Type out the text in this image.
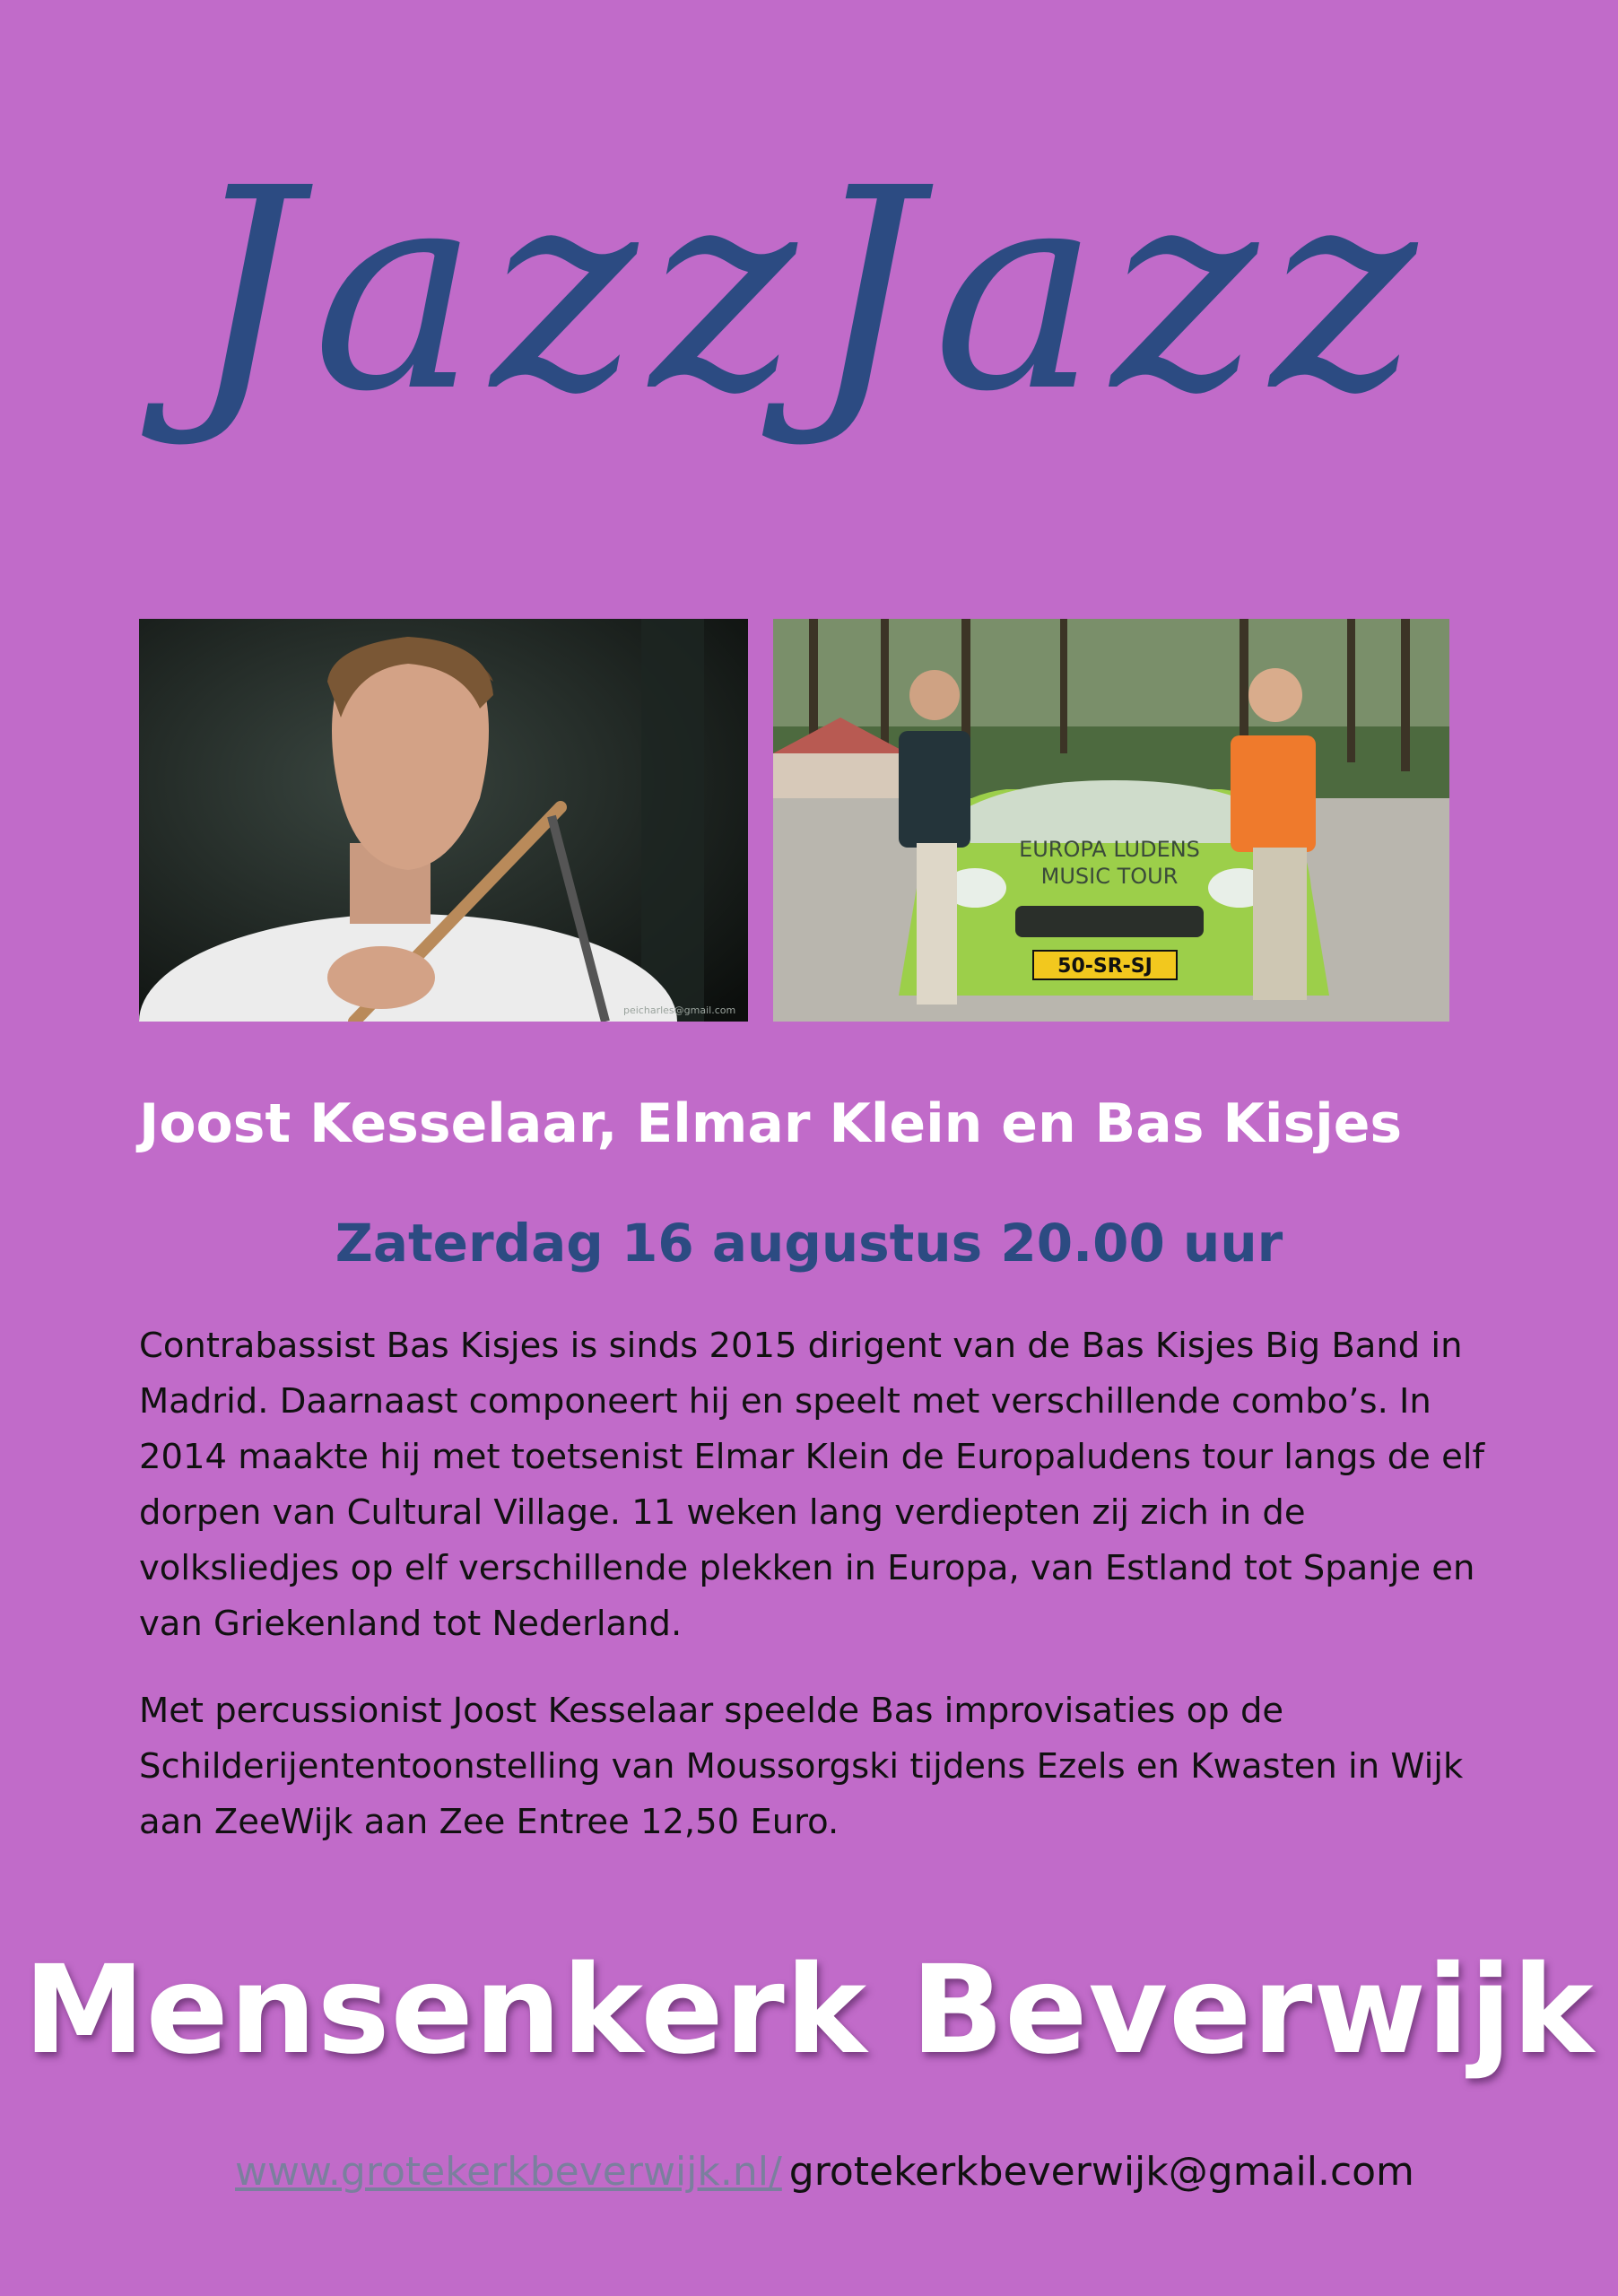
JazzJazz
peicharles@gmail.com
50-SR-SJ
EUROPA LUDENS
MUSIC TOUR
Joost Kesselaar, Elmar Klein en Bas Kisjes
Zaterdag 16 augustus 20.00 uur

Contrabassist Bas Kisjes is sinds 2015 dirigent van de Bas Kisjes Big Band in Madrid. Daarnaast componeert hij en speelt met verschillende combo’s. In 2014 maakte hij met toetsenist Elmar Klein de Europaludens tour langs de elf dorpen van Cultural Village. 11 weken lang verdiepten zij zich in de volksliedjes op elf verschillende plekken in Europa, van Estland tot Spanje en van Griekenland tot Nederland.

Met percussionist Joost Kesselaar speelde Bas improvisaties op de Schilderijententoonstelling van Moussorgski tijdens Ezels en Kwasten in Wijk aan ZeeWijk aan Zee Entree 12,50 Euro.

Mensenkerk Beverwijk
www.grotekerkbeverwijk.nl/ grotekerkbeverwijk@gmail.com
